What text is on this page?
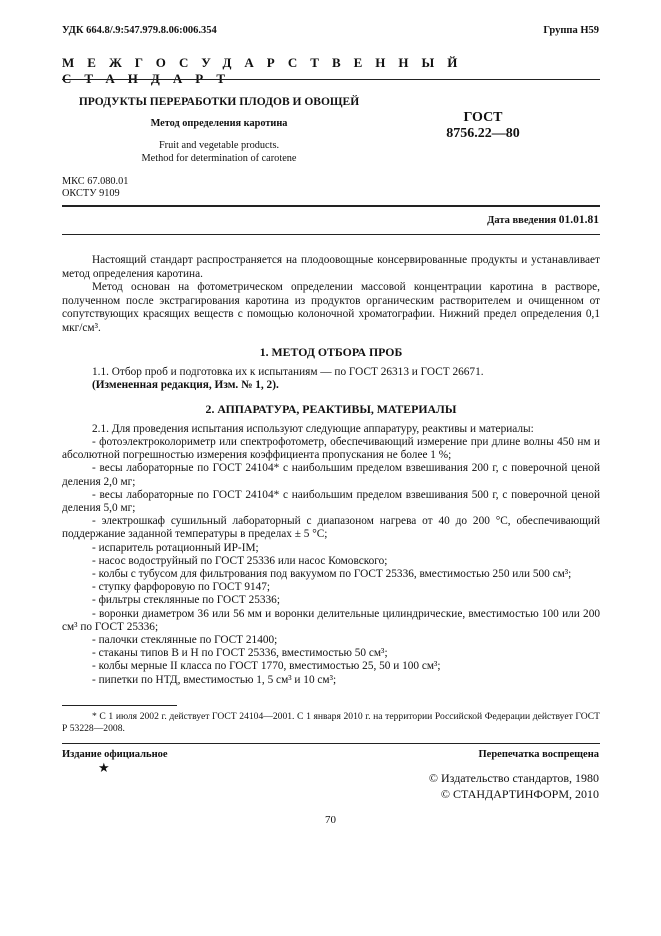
УДК 664.8/.9:547.979.8.06:006.354	Группа Н59
МЕЖГОСУДАРСТВЕННЫЙ СТАНДАРТ
ПРОДУКТЫ ПЕРЕРАБОТКИ ПЛОДОВ И ОВОЩЕЙ
Метод определения каротина
Fruit and vegetable products.
Method for determination of carotene
ГОСТ
8756.22—80
МКС 67.080.01
ОКСТУ 9109
Дата введения 01.01.81

Настоящий стандарт распространяется на плодоовощные консервированные продукты и устанавливает метод определения каротина.

Метод основан на фотометрическом определении массовой концентрации каротина в растворе, полученном после экстрагирования каротина из продуктов органическим растворителем и очищенном от сопутствующих красящих веществ с помощью колоночной хроматографии. Нижний предел определения 0,1 мкг/см³.

1. МЕТОД ОТБОРА ПРОБ

1.1. Отбор проб и подготовка их к испытаниям — по ГОСТ 26313 и ГОСТ 26671.

(Измененная редакция, Изм. № 1, 2).

2. АППАРАТУРА, РЕАКТИВЫ, МАТЕРИАЛЫ

2.1. Для проведения испытания используют следующие аппаратуру, реактивы и материалы:

- фотоэлектроколориметр или спектрофотометр, обеспечивающий измерение при длине волны 450 нм и абсолютной погрешностью измерения коэффициента пропускания не более 1 %;
- весы лабораторные по ГОСТ 24104* с наибольшим пределом взвешивания 200 г, с поверочной ценой деления 2,0 мг;
- весы лабораторные по ГОСТ 24104* с наибольшим пределом взвешивания 500 г, с поверочной ценой деления 5,0 мг;
- электрошкаф сушильный лабораторный с диапазоном нагрева от 40 до 200 °С, обеспечивающий поддержание заданной температуры в пределах ± 5 °С;
- испаритель ротационный ИР-IM;
- насос водоструйный по ГОСТ 25336 или насос Комовского;
- колбы с тубусом для фильтрования под вакуумом по ГОСТ 25336, вместимостью 250 или 500 см³;
- ступку фарфоровую по ГОСТ 9147;
- фильтры стеклянные по ГОСТ 25336;
- воронки диаметром 36 или 56 мм и воронки делительные цилиндрические, вместимостью 100 или 200 см³ по ГОСТ 25336;
- палочки стеклянные по ГОСТ 21400;
- стаканы типов В и Н по ГОСТ 25336, вместимостью 50 см³;
- колбы мерные II класса по ГОСТ 1770, вместимостью 25, 50 и 100 см³;
- пипетки по НТД, вместимостью 1, 5 см³ и 10 см³;

* С 1 июля 2002 г. действует ГОСТ 24104—2001. С 1 января 2010 г. на территории Российской Федерации действует ГОСТ Р 53228—2008.

Издание официальное
★
Перепечатка воспрещена
© Издательство стандартов, 1980
© СТАНДАРТИНФОРМ, 2010
70
